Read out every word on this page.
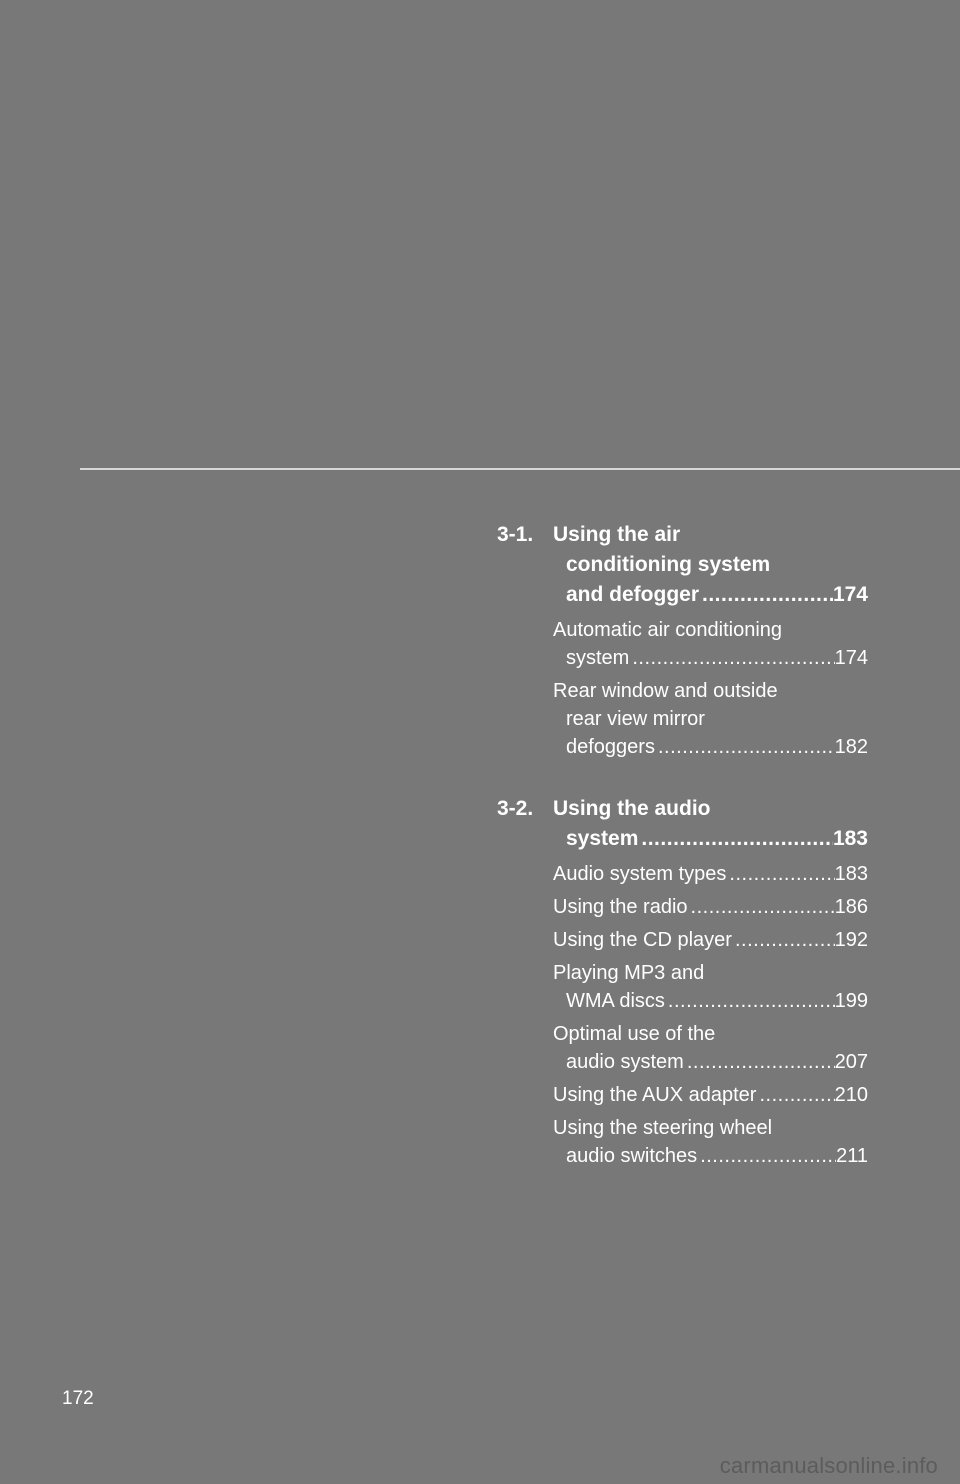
3-1. Using the air
conditioning system
and defogger .....	174
Automatic air conditioning
system .....	174
Rear window and outside
rear view mirror
defoggers .....	182
3-2. Using the audio
system .....	183
Audio system types .....	183
Using the radio .....	186
Using the CD player .....	192
Playing MP3 and
WMA discs .....	199
Optimal use of the
audio system .....	207
Using the AUX adapter .....	210
Using the steering wheel
audio switches .....	211
172
carmanualsonline.info
